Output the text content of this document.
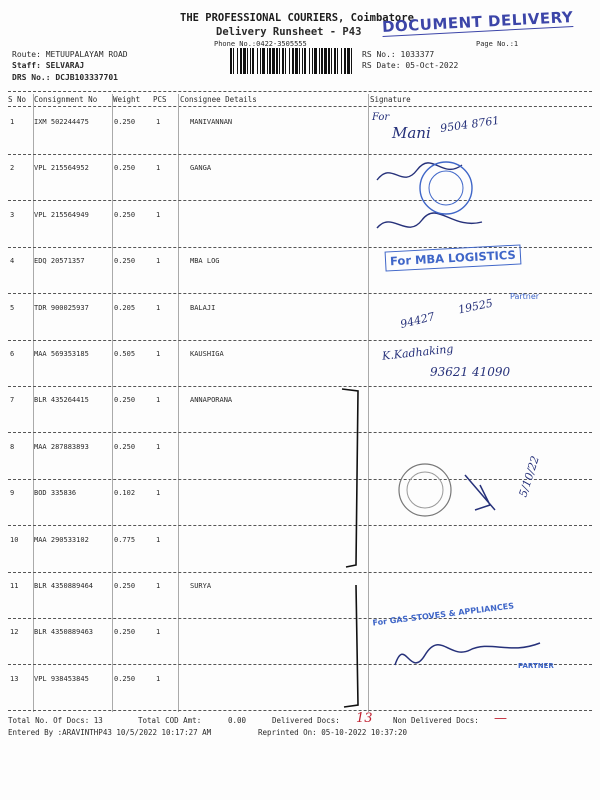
THE PROFESSIONAL COURIERS, Coimbatore
Delivery Runsheet - P43
Phone No.:0422-3505555	Page No.:1
DOCUMENT DELIVERY
Route: METUUPALAYAM ROAD
Staff: SELVARAJ
DRS No.: DCJB103337701
RS No.: 1033377
RS Date: 05-Oct-2022
S No Consignment No Weight PCS Consignee Details	Signature
1	IXM 502244475	0.250	1	MANIVANNAN
2	VPL 215564952	0.250	1	GANGA
3	VPL 215564949	0.250	1
4	EDQ 20571357	0.250	1	MBA LOG
5	TDR 900025937	0.205	1	BALAJI
6	MAA 569353185	0.505	1	KAUSHIGA
7	BLR 435264415	0.250	1	ANNAPORANA
8	MAA 287883893	0.250	1
9	BOD 335836	0.102	1
10 MAA 290533102	0.775	1
11 BLR 4350889464	0.250	1	SURYA
12 BLR 4350889463	0.250	1
13 VPL 938453845	0.250	1
For
Mani 9504 8761
For MBA LOGISTICS
Partner
94427
19525
K.Kadhaking
93621 41090
5/10/22
For GAS STOVES & APPLIANCES
PARTNER
Total No. Of Docs: 13	Total COD Amt:	0.00	Delivered Docs: 13	Non Delivered Docs: —
Entered By :ARAVINTHP43 10/5/2022 10:17:27 AM	Reprinted On: 05-10-2022 10:37:20
